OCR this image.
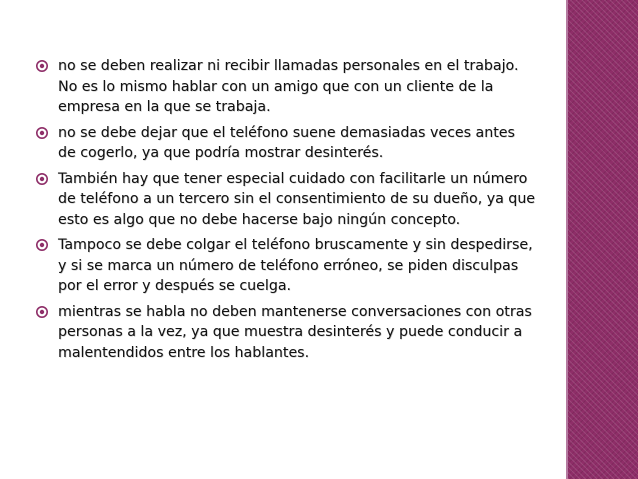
no se deben realizar ni recibir llamadas personales en el trabajo. No es lo mismo hablar con un amigo que con un cliente de la empresa en la que se trabaja.
no se debe dejar que el teléfono suene demasiadas veces antes de cogerlo, ya que podría mostrar desinterés.
También hay que tener especial cuidado con facilitarle un número de teléfono a un tercero sin el consentimiento de su dueño, ya que esto es algo que no debe hacerse bajo ningún concepto.
Tampoco se debe colgar el teléfono bruscamente y sin despedirse, y si se marca un número de teléfono erróneo, se piden disculpas por el error y después se cuelga.
mientras se habla no deben mantenerse conversaciones con otras personas a la vez, ya que muestra desinterés y puede conducir a malentendidos entre los hablantes.
